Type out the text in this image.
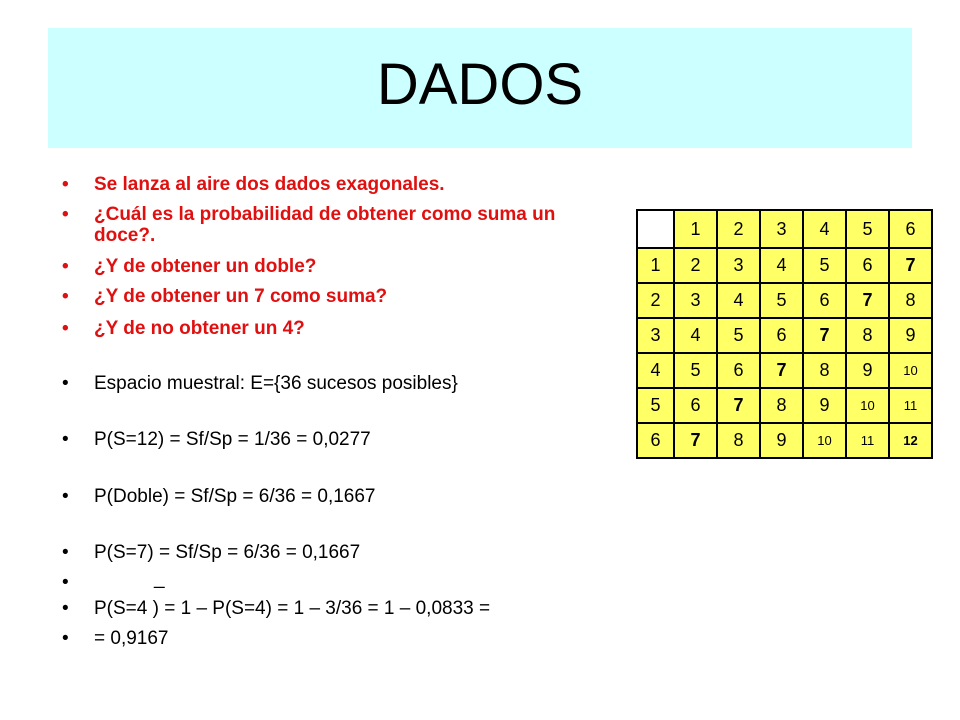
DADOS
• Se lanza al aire dos dados exagonales.
• ¿Cuál es la probabilidad de obtener como suma un doce?.
• ¿Y de obtener un doble?
• ¿Y de obtener un 7 como suma?
• ¿Y de no obtener un 4?
• Espacio muestral: E={36 sucesos posibles}
• P(S=12) = Sf/Sp = 1/36 = 0,0277
• P(Doble) = Sf/Sp = 6/36 = 0,1667
• P(S=7) = Sf/Sp = 6/36 = 0,1667
•	_
• P(S=4 ) = 1 – P(S=4) = 1 – 3/36 = 1 – 0,0833 =
• = 0,9167
	1	2	3	4	5	6
1	2	3	4	5	6	7
2	3	4	5	6	7	8
3	4	5	6	7	8	9
4	5	6	7	8	9	10
5	6	7	8	9	10	11
6	7	8	9	10	11	12
